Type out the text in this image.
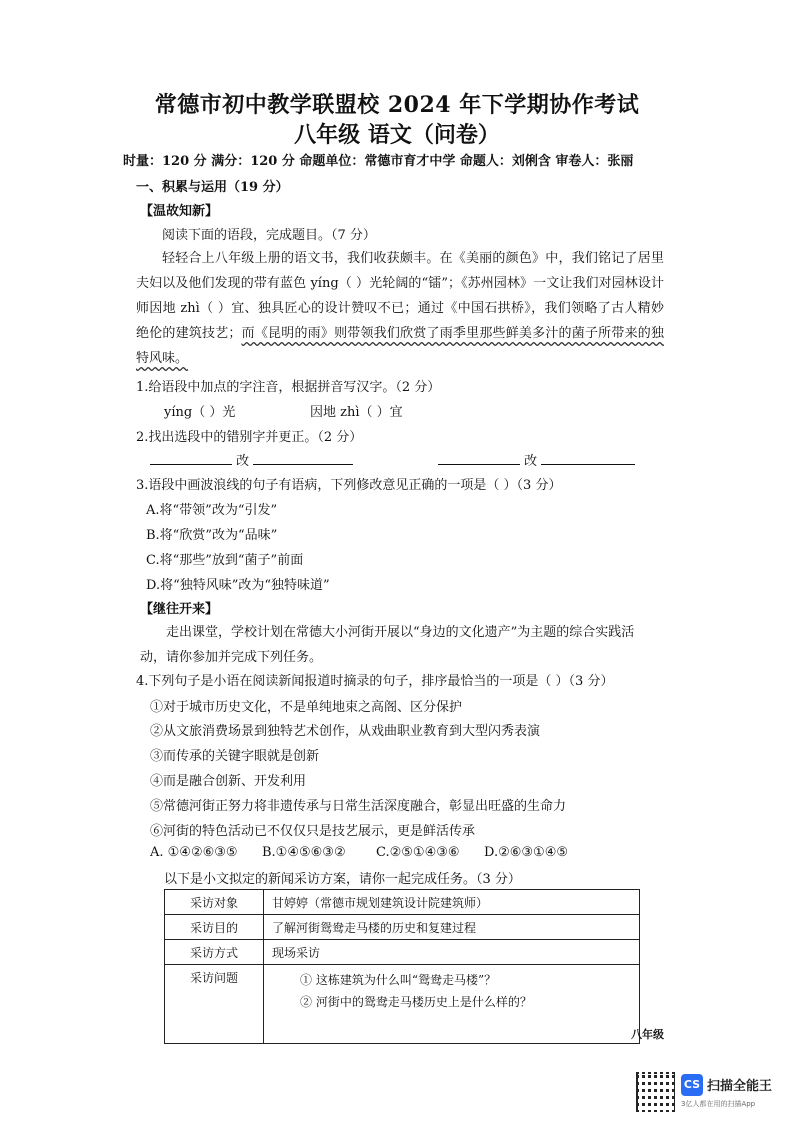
常德市初中教学联盟校 2024 年下学期协作考试
八年级 语文（问卷）
时量：120 分 满分：120 分 命题单位：常德市育才中学 命题人：刘俐含 审卷人：张丽
一、积累与运用（19 分）
【温故知新】
阅读下面的语段，完成题目。（7 分）
轻轻合上八年级上册的语文书，我们收获颇丰。在《美丽的颜色》中，我们铭记了居里夫妇以及他们发现的带有蓝色 yíng（ ）光轮阔的“镭”；《苏州园林》一文让我们对园林设计师因地 zhì（ ）宜、独具匠心的设计赞叹不已；通过《中国石拱桥》，我们领略了古人精妙绝伦的建筑技艺；而《昆明的雨》则带领我们欣赏了雨季里那些鲜美多汁的菌子所带来的独特风味。
1.给语段中加点的字注音，根据拼音写汉字。（2 分）
yíng（ ）光	因地 zhì（ ）宜
2.找出选段中的错别字并更正。（2 分）
改	改
3.语段中画波浪线的句子有语病，下列修改意见正确的一项是（ ）（3 分）
A.将“带领”改为“引发”
B.将“欣赏”改为“品味”
C.将“那些”放到“菌子”前面
D.将“独特风味”改为“独特味道”
【继往开来】
走出课堂，学校计划在常德大小河街开展以“身边的文化遗产”为主题的综合实践活动，请你参加并完成下列任务。
4.下列句子是小语在阅读新闻报道时摘录的句子，排序最恰当的一项是（ ）（3 分）
①对于城市历史文化，不是单纯地束之高阁、区分保护
②从文旅消费场景到独特艺术创作，从戏曲职业教育到大型闪秀表演
③而传承的关键字眼就是创新
④而是融合创新、开发利用
⑤常德河街正努力将非遗传承与日常生活深度融合，彰显出旺盛的生命力
⑥河街的特色活动已不仅仅只是技艺展示，更是鲜活传承
A. ①④②⑥③⑤ B.①④⑤⑥③② C.②⑤①④③⑥ D.②⑥③①④⑤
以下是小文拟定的新闻采访方案，请你一起完成任务。（3 分）
采访对象	甘婷婷（常德市规划建筑设计院建筑师）
采访目的	了解河街鸳鸯走马楼的历史和复建过程
采访方式	现场采访
采访问题	① 这栋建筑为什么叫“鸳鸯走马楼”？
② 河街中的鸳鸯走马楼历史上是什么样的？
八年级
CS 扫描全能王
3亿人都在用的扫描App
